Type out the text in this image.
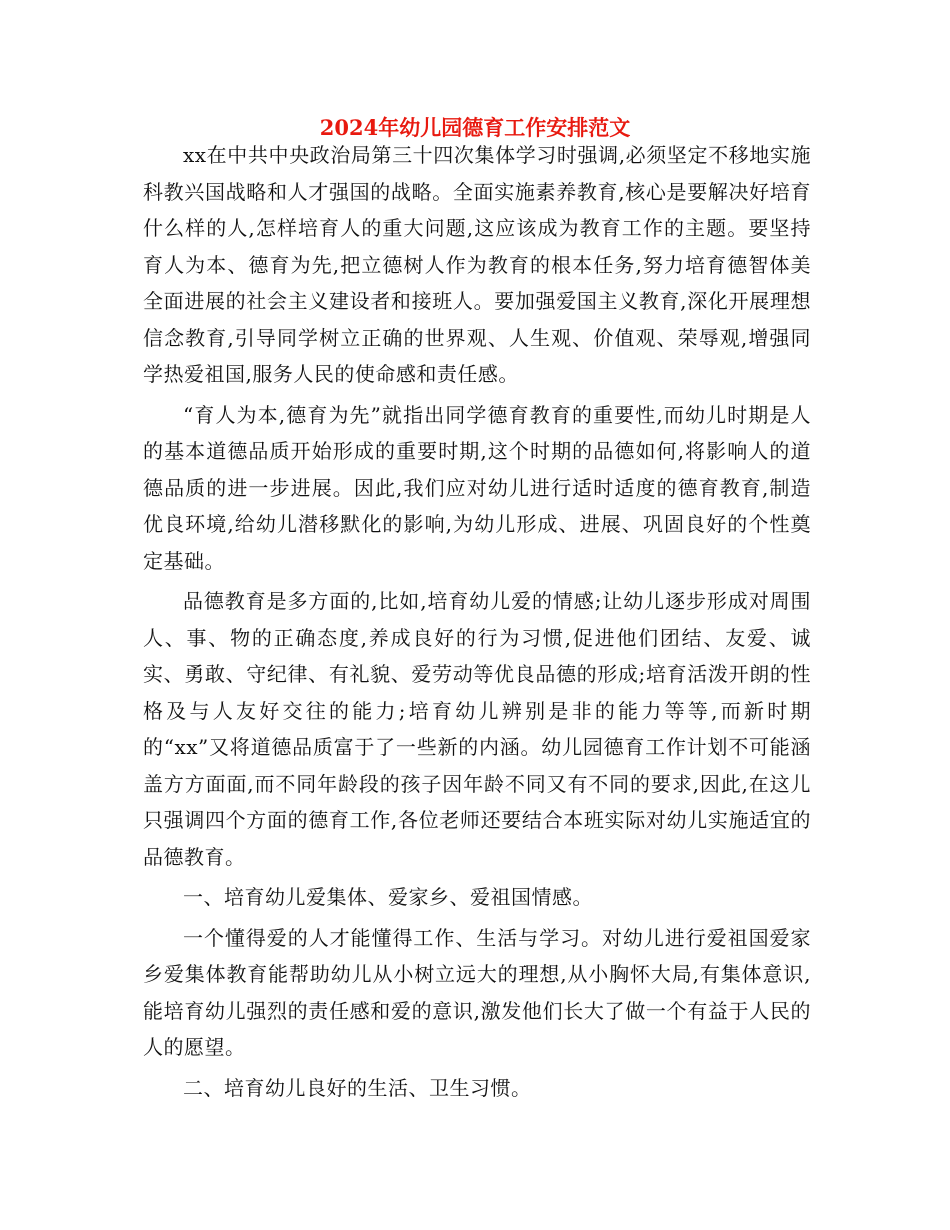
2024年幼儿园德育工作安排范文

xx在中共中央政治局第三十四次集体学习时强调,必须坚定不移地实施科教兴国战略和人才强国的战略。全面实施素养教育,核心是要解决好培育什么样的人,怎样培育人的重大问题,这应该成为教育工作的主题。要坚持育人为本、德育为先,把立德树人作为教育的根本任务,努力培育德智体美全面进展的社会主义建设者和接班人。要加强爱国主义教育,深化开展理想信念教育,引导同学树立正确的世界观、人生观、价值观、荣辱观,增强同学热爱祖国,服务人民的使命感和责任感。

“育人为本,德育为先”就指出同学德育教育的重要性,而幼儿时期是人的基本道德品质开始形成的重要时期,这个时期的品德如何,将影响人的道德品质的进一步进展。因此,我们应对幼儿进行适时适度的德育教育,制造优良环境,给幼儿潜移默化的影响,为幼儿形成、进展、巩固良好的个性奠定基础。

品德教育是多方面的,比如,培育幼儿爱的情感;让幼儿逐步形成对周围人、事、物的正确态度,养成良好的行为习惯,促进他们团结、友爱、诚实、勇敢、守纪律、有礼貌、爱劳动等优良品德的形成;培育活泼开朗的性格及与人友好交往的能力;培育幼儿辨别是非的能力等等,而新时期的“xx”又将道德品质富于了一些新的内涵。幼儿园德育工作计划不可能涵盖方方面面,而不同年龄段的孩子因年龄不同又有不同的要求,因此,在这儿只强调四个方面的德育工作,各位老师还要结合本班实际对幼儿实施适宜的品德教育。

一、培育幼儿爱集体、爱家乡、爱祖国情感。

一个懂得爱的人才能懂得工作、生活与学习。对幼儿进行爱祖国爱家乡爱集体教育能帮助幼儿从小树立远大的理想,从小胸怀大局,有集体意识,能培育幼儿强烈的责任感和爱的意识,激发他们长大了做一个有益于人民的人的愿望。

二、培育幼儿良好的生活、卫生习惯。
